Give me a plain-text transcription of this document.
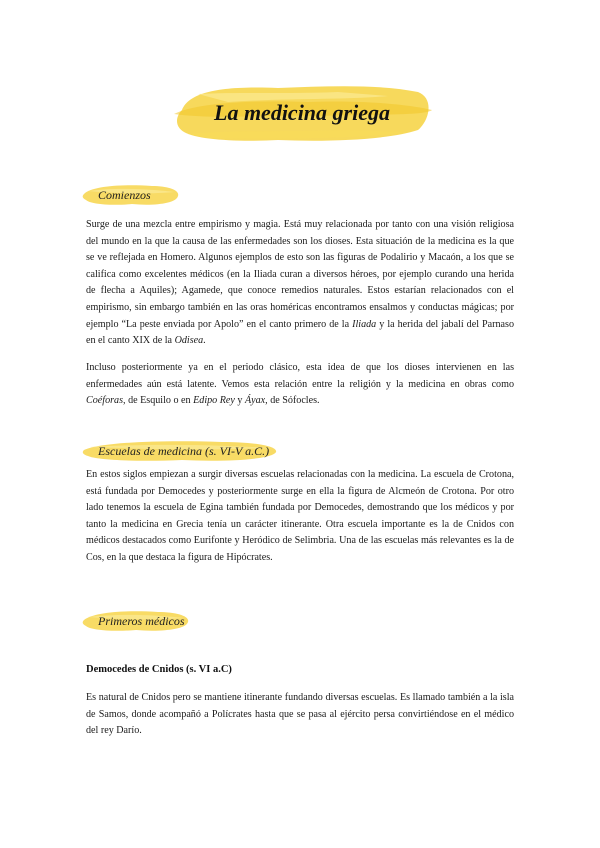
La medicina griega
Comienzos

Surge de una mezcla entre empirismo y magia. Está muy relacionada por tanto con una visión religiosa del mundo en la que la causa de las enfermedades son los dioses. Esta situación de la medicina es la que se ve reflejada en Homero. Algunos ejemplos de esto son las figuras de Podalirio y Macaón, a los que se califica como excelentes médicos (en la Iliada curan a diversos héroes, por ejemplo curando una herida de flecha a Aquiles); Agamede, que conoce remedios naturales. Estos estarían relacionados con el empirismo, sin embargo también en las oras homéricas encontramos ensalmos y conductas mágicas; por ejemplo “La peste enviada por Apolo” en el canto primero de la Iliada y la herida del jabalí del Parnaso en el canto XIX de la Odisea.

Incluso posteriormente ya en el periodo clásico, esta idea de que los dioses intervienen en las enfermedades aún está latente. Vemos esta relación entre la religión y la medicina en obras como Coéforas, de Esquilo o en Edipo Rey y Áyax, de Sófocles.

Escuelas de medicina (s. VI-V a.C.)

En estos siglos empiezan a surgir diversas escuelas relacionadas con la medicina. La escuela de Crotona, está fundada por Democedes y posteriormente surge en ella la figura de Alcmeón de Crotona. Por otro lado tenemos la escuela de Egina también fundada por Democedes, demostrando que los médicos y por tanto la medicina en Grecia tenía un carácter itinerante. Otra escuela importante es la de Cnidos con médicos destacados como Eurifonte y Heródico de Selimbria. Una de las escuelas más relevantes es la de Cos, en la que destaca la figura de Hipócrates.

Primeros médicos

Democedes de Cnidos (s. VI a.C)

Es natural de Cnidos pero se mantiene itinerante fundando diversas escuelas. Es llamado también a la isla de Samos, donde acompañó a Polícrates hasta que se pasa al ejército persa convirtiéndose en el médico del rey Darío.
